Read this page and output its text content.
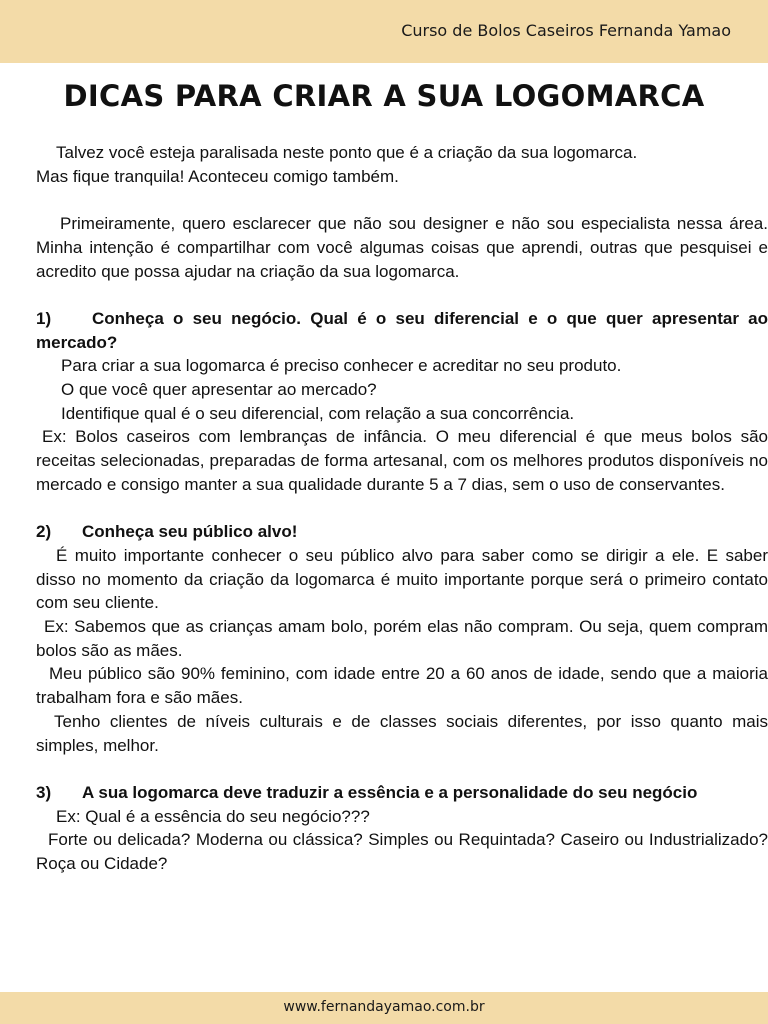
Curso de Bolos Caseiros Fernanda Yamao
DICAS PARA CRIAR A SUA LOGOMARCA

Talvez você esteja paralisada neste ponto que é a criação da sua logomarca.

Mas fique tranquila! Aconteceu comigo também.

Primeiramente, quero esclarecer que não sou designer e não sou especialista nessa área. Minha intenção é compartilhar com você algumas coisas que aprendi, outras que pesquisei e acredito que possa ajudar na criação da sua logomarca.

1) Conheça o seu negócio. Qual é o seu diferencial e o que quer apresentar ao mercado?

Para criar a sua logomarca é preciso conhecer e acreditar no seu produto.

O que você quer apresentar ao mercado?

Identifique qual é o seu diferencial, com relação a sua concorrência.

Ex: Bolos caseiros com lembranças de infância. O meu diferencial é que meus bolos são receitas selecionadas, preparadas de forma artesanal, com os melhores produtos disponíveis no mercado e consigo manter a sua qualidade durante 5 a 7 dias, sem o uso de conservantes.

2) Conheça seu público alvo!

É muito importante conhecer o seu público alvo para saber como se dirigir a ele. E saber disso no momento da criação da logomarca é muito importante porque será o primeiro contato com seu cliente.

Ex: Sabemos que as crianças amam bolo, porém elas não compram. Ou seja, quem compram bolos são as mães.

Meu público são 90% feminino, com idade entre 20 a 60 anos de idade, sendo que a maioria trabalham fora e são mães.

Tenho clientes de níveis culturais e de classes sociais diferentes, por isso quanto mais simples, melhor.

3) A sua logomarca deve traduzir a essência e a personalidade do seu negócio

Ex: Qual é a essência do seu negócio???

Forte ou delicada? Moderna ou clássica? Simples ou Requintada? Caseiro ou Industrializado? Roça ou Cidade?

www.fernandayamao.com.br
